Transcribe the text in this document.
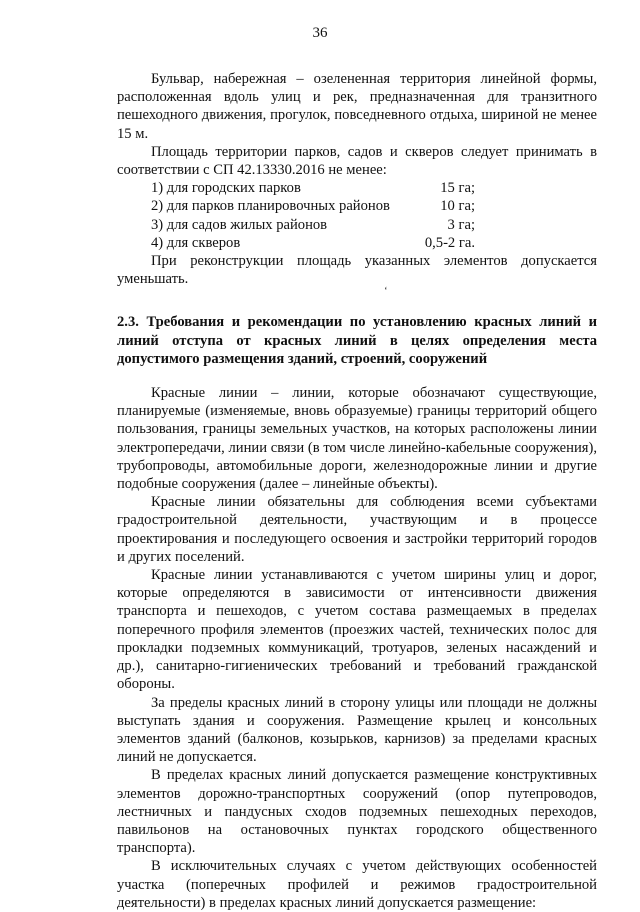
36

Бульвар, набережная – озелененная территория линейной формы, расположенная вдоль улиц и рек, предназначенная для транзитного пешеходного движения, прогулок, повседневного отдыха, шириной не менее 15 м.

Площадь территории парков, садов и скверов следует принимать в соответствии с СП 42.13330.2016 не менее:

1) для городских парков	15 га;
2) для парков планировочных районов	10 га;
3) для садов жилых районов	3 га;
4) для скверов	0,5-2 га.

При реконструкции площадь указанных элементов допускается уменьшать.

2.3. Требования и рекомендации по установлению красных линий и линий отступа от красных линий в целях определения места допустимого размещения зданий, строений, сооружений

Красные линии – линии, которые обозначают существующие, планируемые (изменяемые, вновь образуемые) границы территорий общего пользования, границы земельных участков, на которых расположены линии электропередачи, линии связи (в том числе линейно-кабельные сооружения), трубопроводы, автомобильные дороги, железнодорожные линии и другие подобные сооружения (далее – линейные объекты).

Красные линии обязательны для соблюдения всеми субъектами градостроительной деятельности, участвующим и в процессе проектирования и последующего освоения и застройки территорий городов и других поселений.

Красные линии устанавливаются с учетом ширины улиц и дорог, которые определяются в зависимости от интенсивности движения транспорта и пешеходов, с учетом состава размещаемых в пределах поперечного профиля элементов (проезжих частей, технических полос для прокладки подземных коммуникаций, тротуаров, зеленых насаждений и др.), санитарно-гигиенических требований и требований гражданской обороны.

За пределы красных линий в сторону улицы или площади не должны выступать здания и сооружения. Размещение крылец и консольных элементов зданий (балконов, козырьков, карнизов) за пределами красных линий не допускается.

В пределах красных линий допускается размещение конструктивных элементов дорожно-транспортных сооружений (опор путепроводов, лестничных и пандусных сходов подземных пешеходных переходов, павильонов на остановочных пунктах городского общественного транспорта).

В исключительных случаях с учетом действующих особенностей участка (поперечных профилей и режимов градостроительной деятельности) в пределах красных линий допускается размещение:

‘
